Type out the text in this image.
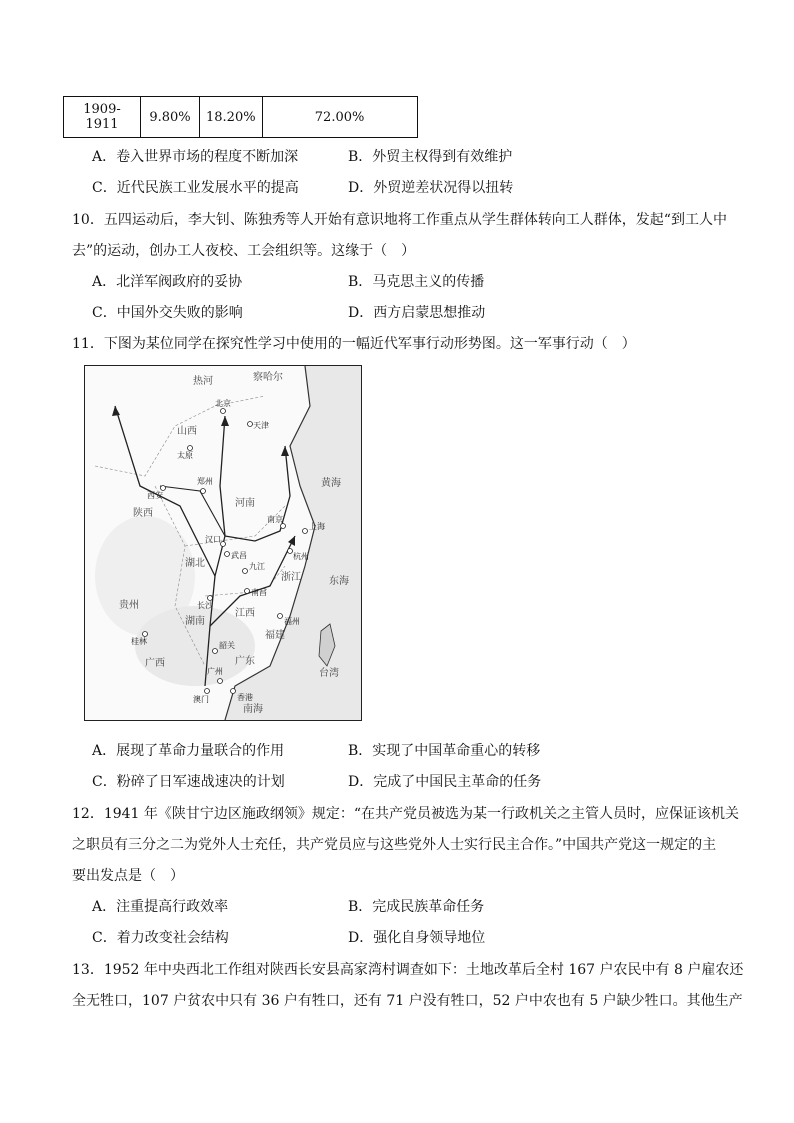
1909-1911	9.80%	18.20%	72.00%
A．卷入世界市场的程度不断加深	B．外贸主权得到有效维护
C．近代民族工业发展水平的提高	D．外贸逆差状况得以扭转
10．五四运动后，李大钊、陈独秀等人开始有意识地将工作重点从学生群体转向工人群体，发起“到工人中
去”的运动，创办工人夜校、工会组织等。这缘于（　）
A．北洋军阀政府的妥协	B．马克思主义的传播
C．中国外交失败的影响	D．西方启蒙思想推动
11．下图为某位同学在探究性学习中使用的一幅近代军事行动形势图。这一军事行动（　）
北京
天津
太原
西安
郑州
汉口
武昌
长沙
南昌
九江
南京
上海
杭州
福州
广州
桂林	韶关
香港
澳门
热河	察哈尔
山西
陕西
河南
湖北
湖南
江西
浙江
福建
广东
广西
贵州
东海
黄海
南海
台湾
A．展现了革命力量联合的作用	B．实现了中国革命重心的转移
C．粉碎了日军速战速决的计划	D．完成了中国民主革命的任务
12．1941 年《陕甘宁边区施政纲领》规定：“在共产党员被选为某一行政机关之主管人员时，应保证该机关
之职员有三分之二为党外人士充任，共产党员应与这些党外人士实行民主合作。”中国共产党这一规定的主
要出发点是（　）
A．注重提高行政效率	B．完成民族革命任务
C．着力改变社会结构	D．强化自身领导地位
13．1952 年中央西北工作组对陕西长安县高家湾村调查如下：土地改革后全村 167 户农民中有 8 户雇农还
全无牲口，107 户贫农中只有 36 户有牲口，还有 71 户没有牲口，52 户中农也有 5 户缺少牲口。其他生产
